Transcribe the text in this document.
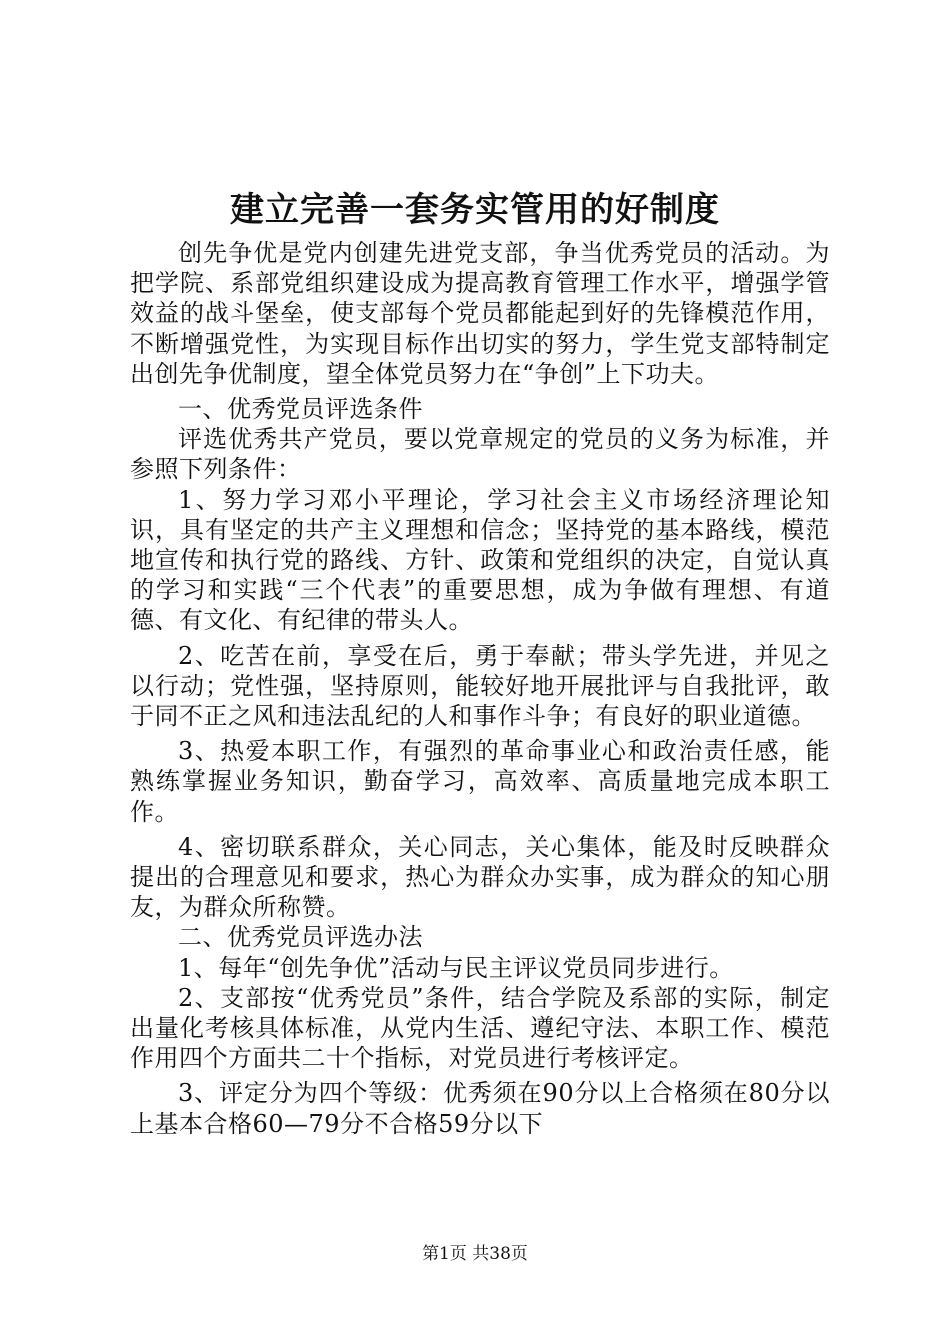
建立完善一套务实管用的好制度

创先争优是党内创建先进党支部，争当优秀党员的活动。为把学院、系部党组织建设成为提高教育管理工作水平，增强学管效益的战斗堡垒，使支部每个党员都能起到好的先锋模范作用，不断增强党性，为实现目标作出切实的努力，学生党支部特制定出创先争优制度，望全体党员努力在“争创”上下功夫。

一、优秀党员评选条件

评选优秀共产党员，要以党章规定的党员的义务为标准，并参照下列条件：

1、努力学习邓小平理论，学习社会主义市场经济理论知识，具有坚定的共产主义理想和信念；坚持党的基本路线，模范地宣传和执行党的路线、方针、政策和党组织的决定，自觉认真的学习和实践“三个代表”的重要思想，成为争做有理想、有道德、有文化、有纪律的带头人。

2、吃苦在前，享受在后，勇于奉献；带头学先进，并见之以行动；党性强，坚持原则，能较好地开展批评与自我批评，敢于同不正之风和违法乱纪的人和事作斗争；有良好的职业道德。

3、热爱本职工作，有强烈的革命事业心和政治责任感，能熟练掌握业务知识，勤奋学习，高效率、高质量地完成本职工作。

4、密切联系群众，关心同志，关心集体，能及时反映群众提出的合理意见和要求，热心为群众办实事，成为群众的知心朋友，为群众所称赞。

二、优秀党员评选办法

1、每年“创先争优”活动与民主评议党员同步进行。

2、支部按“优秀党员”条件，结合学院及系部的实际，制定出量化考核具体标准，从党内生活、遵纪守法、本职工作、模范作用四个方面共二十个指标，对党员进行考核评定。

3、评定分为四个等级：优秀须在90分以上合格须在80分以上基本合格60—79分不合格59分以下

第1页 共38页
